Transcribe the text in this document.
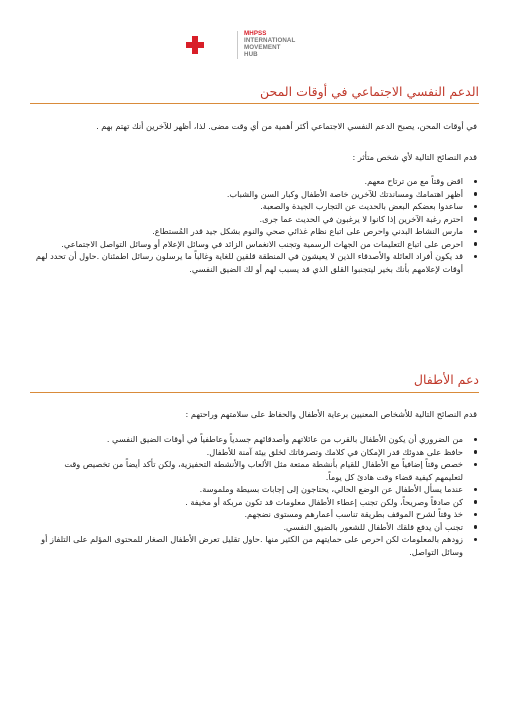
MHPSS
INTERNATIONAL
MOVEMENT
HUB
الدعم النفسي الاجتماعي في أوقات المحن
في أوقات المحن، يصبح الدعم النفسي الاجتماعي أكثر أهمية من أي وقت مضى. لذا، أظهر للآخرين أنك تهتم بهم .
قدم النصائح التالية لأي شخص متأثر :
اقض وقتاً مع من ترتاح معهم.
أظهر اهتمامك ومساندتك للآخرين خاصة الأطفال وكبار السن والشباب.
ساعدوا بعضكم البعض بالحديث عن التجارب الجيدة والصعبة.
احترم رغبة الآخرين إذا كانوا لا يرغبون في الحديث عما جرى.
مارس النشاط البدني واحرص على اتباع نظام غذائي صحي والنوم بشكل جيد قدر المُستطاع.
احرص على اتباع التعليمات من الجهات الرسمية وتجنب الانغماس الزائد في وسائل الإعلام أو وسائل التواصل الاجتماعي.
قد يكون أفراد العائلة والأصدقاء الذين لا يعيشون في المنطقة قلقين للغاية وغالباً ما يرسلون رسائل اطمئنان .حاول أن تحدد لهم أوقات لإعلامهم بأنك بخير ليتجنبوا القلق الذي قد يسبب لهم أو لك الضيق النفسي.
دعم الأطفال
قدم النصائح التالية للأشخاص المعنيين برعاية الأطفال والحفاظ على سلامتهم وراحتهم :
من الضروري أن يكون الأطفال بالقرب من عائلاتهم وأصدقائهم جسدياً وعاطفياً في أوقات الضيق النفسي .
حافظ على هدوئك قدر الإمكان في كلامك وتصرفاتك لخلق بيئة آمنة للأطفال.
خصص وقتاً إضافياً مع الأطفال للقيام بأنشطة ممتعة مثل الألعاب والأنشطة التحفيزية، ولكن تأكد أيضاً من تخصيص وقت لتعليمهم كيفية قضاء وقت هادئ كل يوماً.
عندما يسأل الأطفال عن الوضع الحالي، يحتاجون إلى إجابات بسيطة وملموسة.
كن صادقاً وصريحاً، ولكن تجنب إعطاء الأطفال معلومات قد تكون مربكة أو مخيفة .
خذ وقتاً لشرح الموقف بطريقة تناسب أعمارهم ومستوى نضجهم.
تجنب أن يدفع قلقك الأطفال للشعور بالضيق النفسي.
زودهم بالمعلومات لكن احرص على حمايتهم من الكثير منها .حاول تقليل تعرض الأطفال الصغار للمحتوى المؤلم على التلفاز أو وسائل التواصل.
